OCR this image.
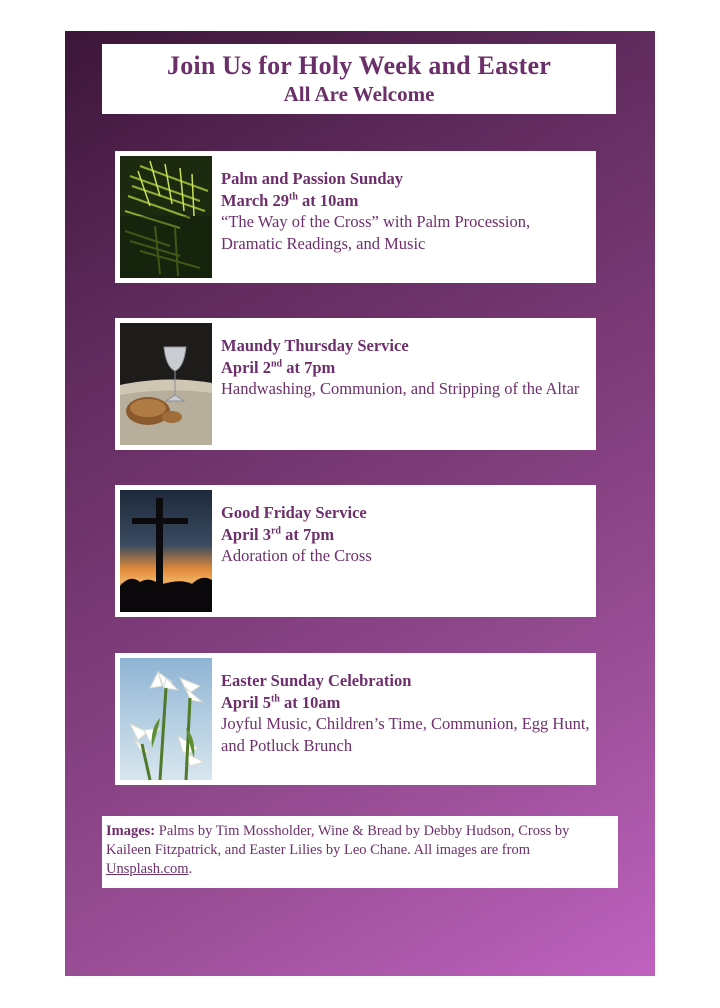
Join Us for Holy Week and Easter
All Are Welcome
Palm and Passion Sunday
March 29th at 10am
“The Way of the Cross” with Palm Procession, Dramatic Readings, and Music
Maundy Thursday Service
April 2nd at 7pm
Handwashing, Communion, and Stripping of the Altar
Good Friday Service
April 3rd at 7pm
Adoration of the Cross
Easter Sunday Celebration
April 5th at 10am
Joyful Music, Children’s Time, Communion, Egg Hunt, and Potluck Brunch
Images: Palms by Tim Mossholder, Wine & Bread by Debby Hudson, Cross by Kaileen Fitzpatrick, and Easter Lilies by Leo Chane. All images are from Unsplash.com.
